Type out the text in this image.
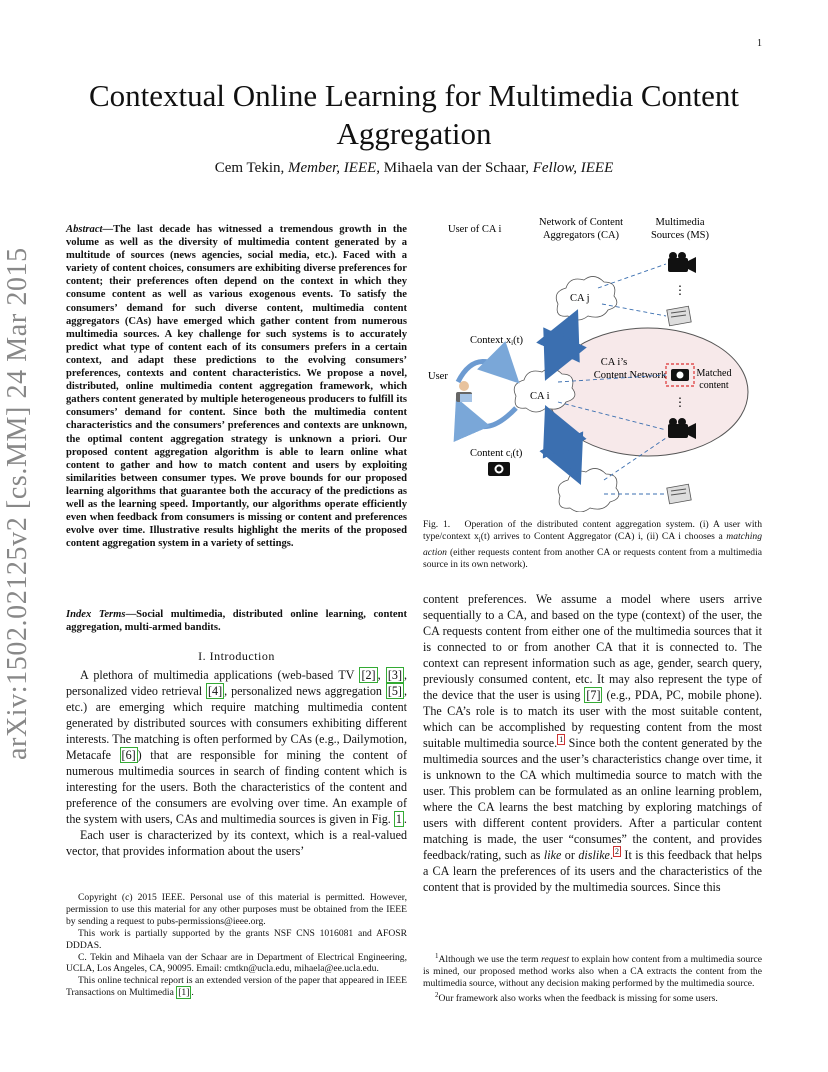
1
arXiv:1502.02125v2 [cs.MM] 24 Mar 2015
Contextual Online Learning for Multimedia Content Aggregation
Cem Tekin, Member, IEEE, Mihaela van der Schaar, Fellow, IEEE
Abstract—The last decade has witnessed a tremendous growth in the volume as well as the diversity of multimedia content generated by a multitude of sources (news agencies, social media, etc.). Faced with a variety of content choices, consumers are exhibiting diverse preferences for content; their preferences often depend on the context in which they consume content as well as various exogenous events. To satisfy the consumers’ demand for such diverse content, multimedia content aggregators (CAs) have emerged which gather content from numerous multimedia sources. A key challenge for such systems is to accurately predict what type of content each of its consumers prefers in a certain context, and adapt these predictions to the evolving consumers’ preferences, contexts and content characteristics. We propose a novel, distributed, online multimedia content aggregation framework, which gathers content generated by multiple heterogeneous producers to fulfill its consumers’ demand for content. Since both the multimedia content characteristics and the consumers’ preferences and contexts are unknown, the optimal content aggregation strategy is unknown a priori. Our proposed content aggregation algorithm is able to learn online what content to gather and how to match content and users by exploiting similarities between consumer types. We prove bounds for our proposed learning algorithms that guarantee both the accuracy of the predictions as well as the learning speed. Importantly, our algorithms operate efficiently even when feedback from consumers is missing or content and preferences evolve over time. Illustrative results highlight the merits of the proposed content aggregation system in a variety of settings.
Index Terms—Social multimedia, distributed online learning, content aggregation, multi-armed bandits.
I. Introduction

A plethora of multimedia applications (web-based TV [2] , [3] , personalized video retrieval [4] , personalized news aggregation [5] , etc.) are emerging which require matching multimedia content generated by distributed sources with consumers exhibiting different interests. The matching is often performed by CAs (e.g., Dailymotion, Metacafe [6] ) that are responsible for mining the content of numerous multimedia sources in search of finding content which is interesting for the users. Both the characteristics of the content and preference of the consumers are evolving over time. An example of the system with users, CAs and multimedia sources is given in Fig. 1 .

Each user is characterized by its context, which is a real-valued vector, that provides information about the users’

Copyright (c) 2015 IEEE. Personal use of this material is permitted. However, permission to use this material for any other purposes must be obtained from the IEEE by sending a request to pubs-permissions@ieee.org.

This work is partially supported by the grants NSF CNS 1016081 and AFOSR DDDAS.

C. Tekin and Mihaela van der Schaar are in Department of Electrical Engineering, UCLA, Los Angeles, CA, 90095. Email: cmtkn@ucla.edu, mihaela@ee.ucla.edu.

This online technical report is an extended version of the paper that appeared in IEEE Transactions on Multimedia [1] .

User of CA i
Network of Content
Aggregators (CA)
Multimedia
Sources (MS)
CA j
CA i
Context xi(t)
User
Content ci(t)
CA i’s
Content Network	Matched
content
⋮
⋮
Fig. 1. Operation of the distributed content aggregation system. (i) A user with type/context $x_i(t)$ arrives to Content Aggregator (CA) i, (ii) CA i chooses a matching action (either requests content from another CA or requests content from a multimedia source in its own network).

content preferences. We assume a model where users arrive sequentially to a CA, and based on the type (context) of the user, the CA requests content from either one of the multimedia sources that it is connected to or from another CA that it is connected to. The context can represent information such as age, gender, search query, previously consumed content, etc. It may also represent the type of the device that the user is using [7] (e.g., PDA, PC, mobile phone). The CA’s role is to match its user with the most suitable content, which can be accomplished by requesting content from the most suitable multimedia source. $^1$ Since both the content generated by the multimedia sources and the user’s characteristics change over time, it is unknown to the CA which multimedia source to match with the user. This problem can be formulated as an online learning problem, where the CA learns the best matching by exploring matchings of users with different content providers. After a particular content matching is made, the user “consumes” the content, and provides feedback/rating, such as like or dislike. $^2$ It is this feedback that helps a CA learn the preferences of its users and the characteristics of the content that is provided by the multimedia sources. Since this

$^1$Although we use the term request to explain how content from a multimedia source is mined, our proposed method works also when a CA extracts the content from the multimedia source, without any decision making performed by the multimedia source.

$^2$Our framework also works when the feedback is missing for some users.
